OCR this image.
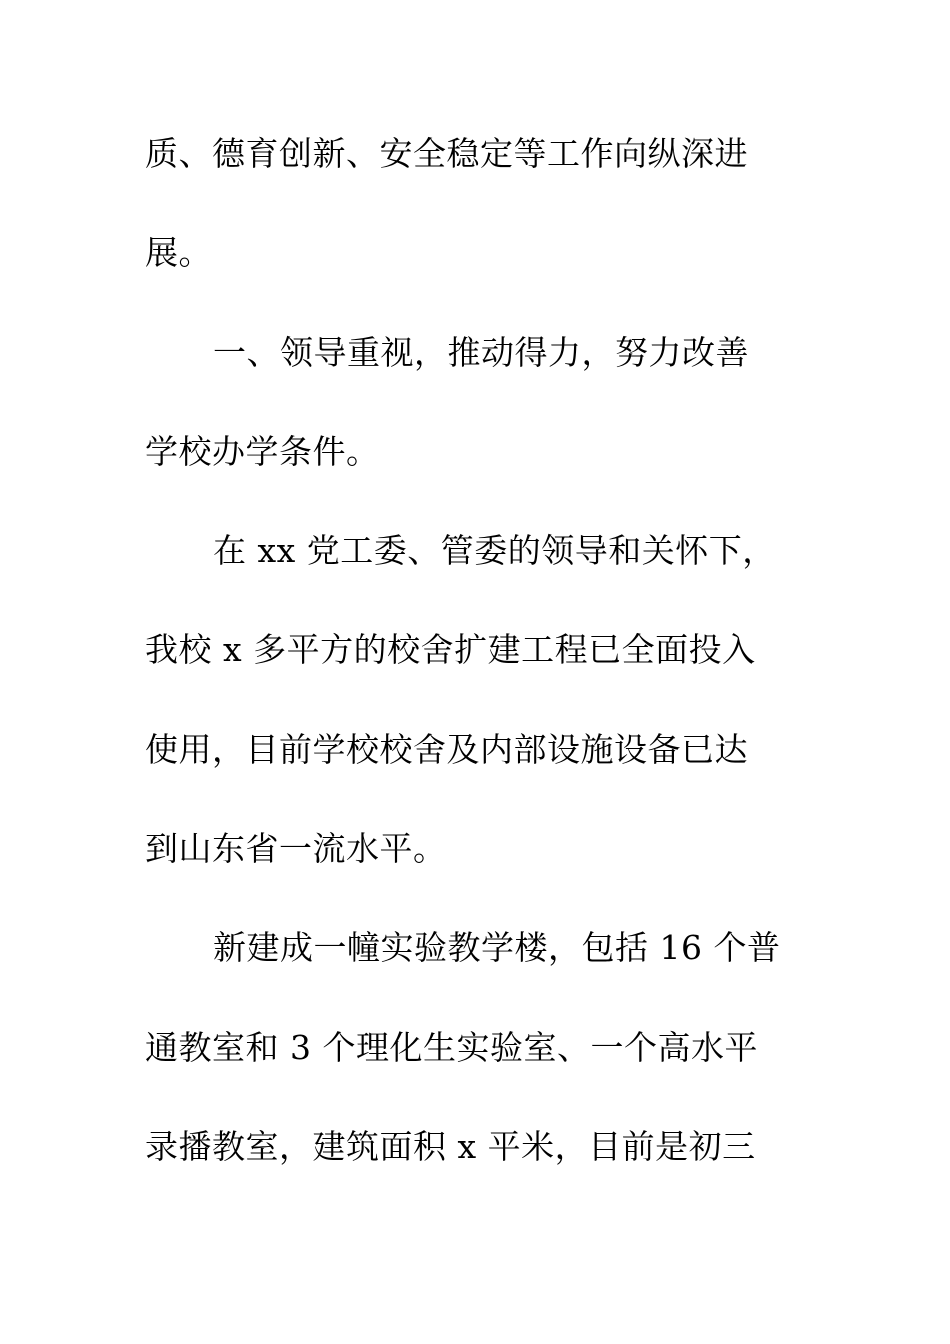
质、德育创新、安全稳定等工作向纵深进
展。
一、领导重视，推动得力，努力改善
学校办学条件。
在 xx 党工委、管委的领导和关怀下，
我校 x 多平方的校舍扩建工程已全面投入
使用，目前学校校舍及内部设施设备已达
到山东省一流水平。
新建成一幢实验教学楼，包括 16 个普
通教室和 3 个理化生实验室、一个高水平
录播教室，建筑面积 x 平米，目前是初三
